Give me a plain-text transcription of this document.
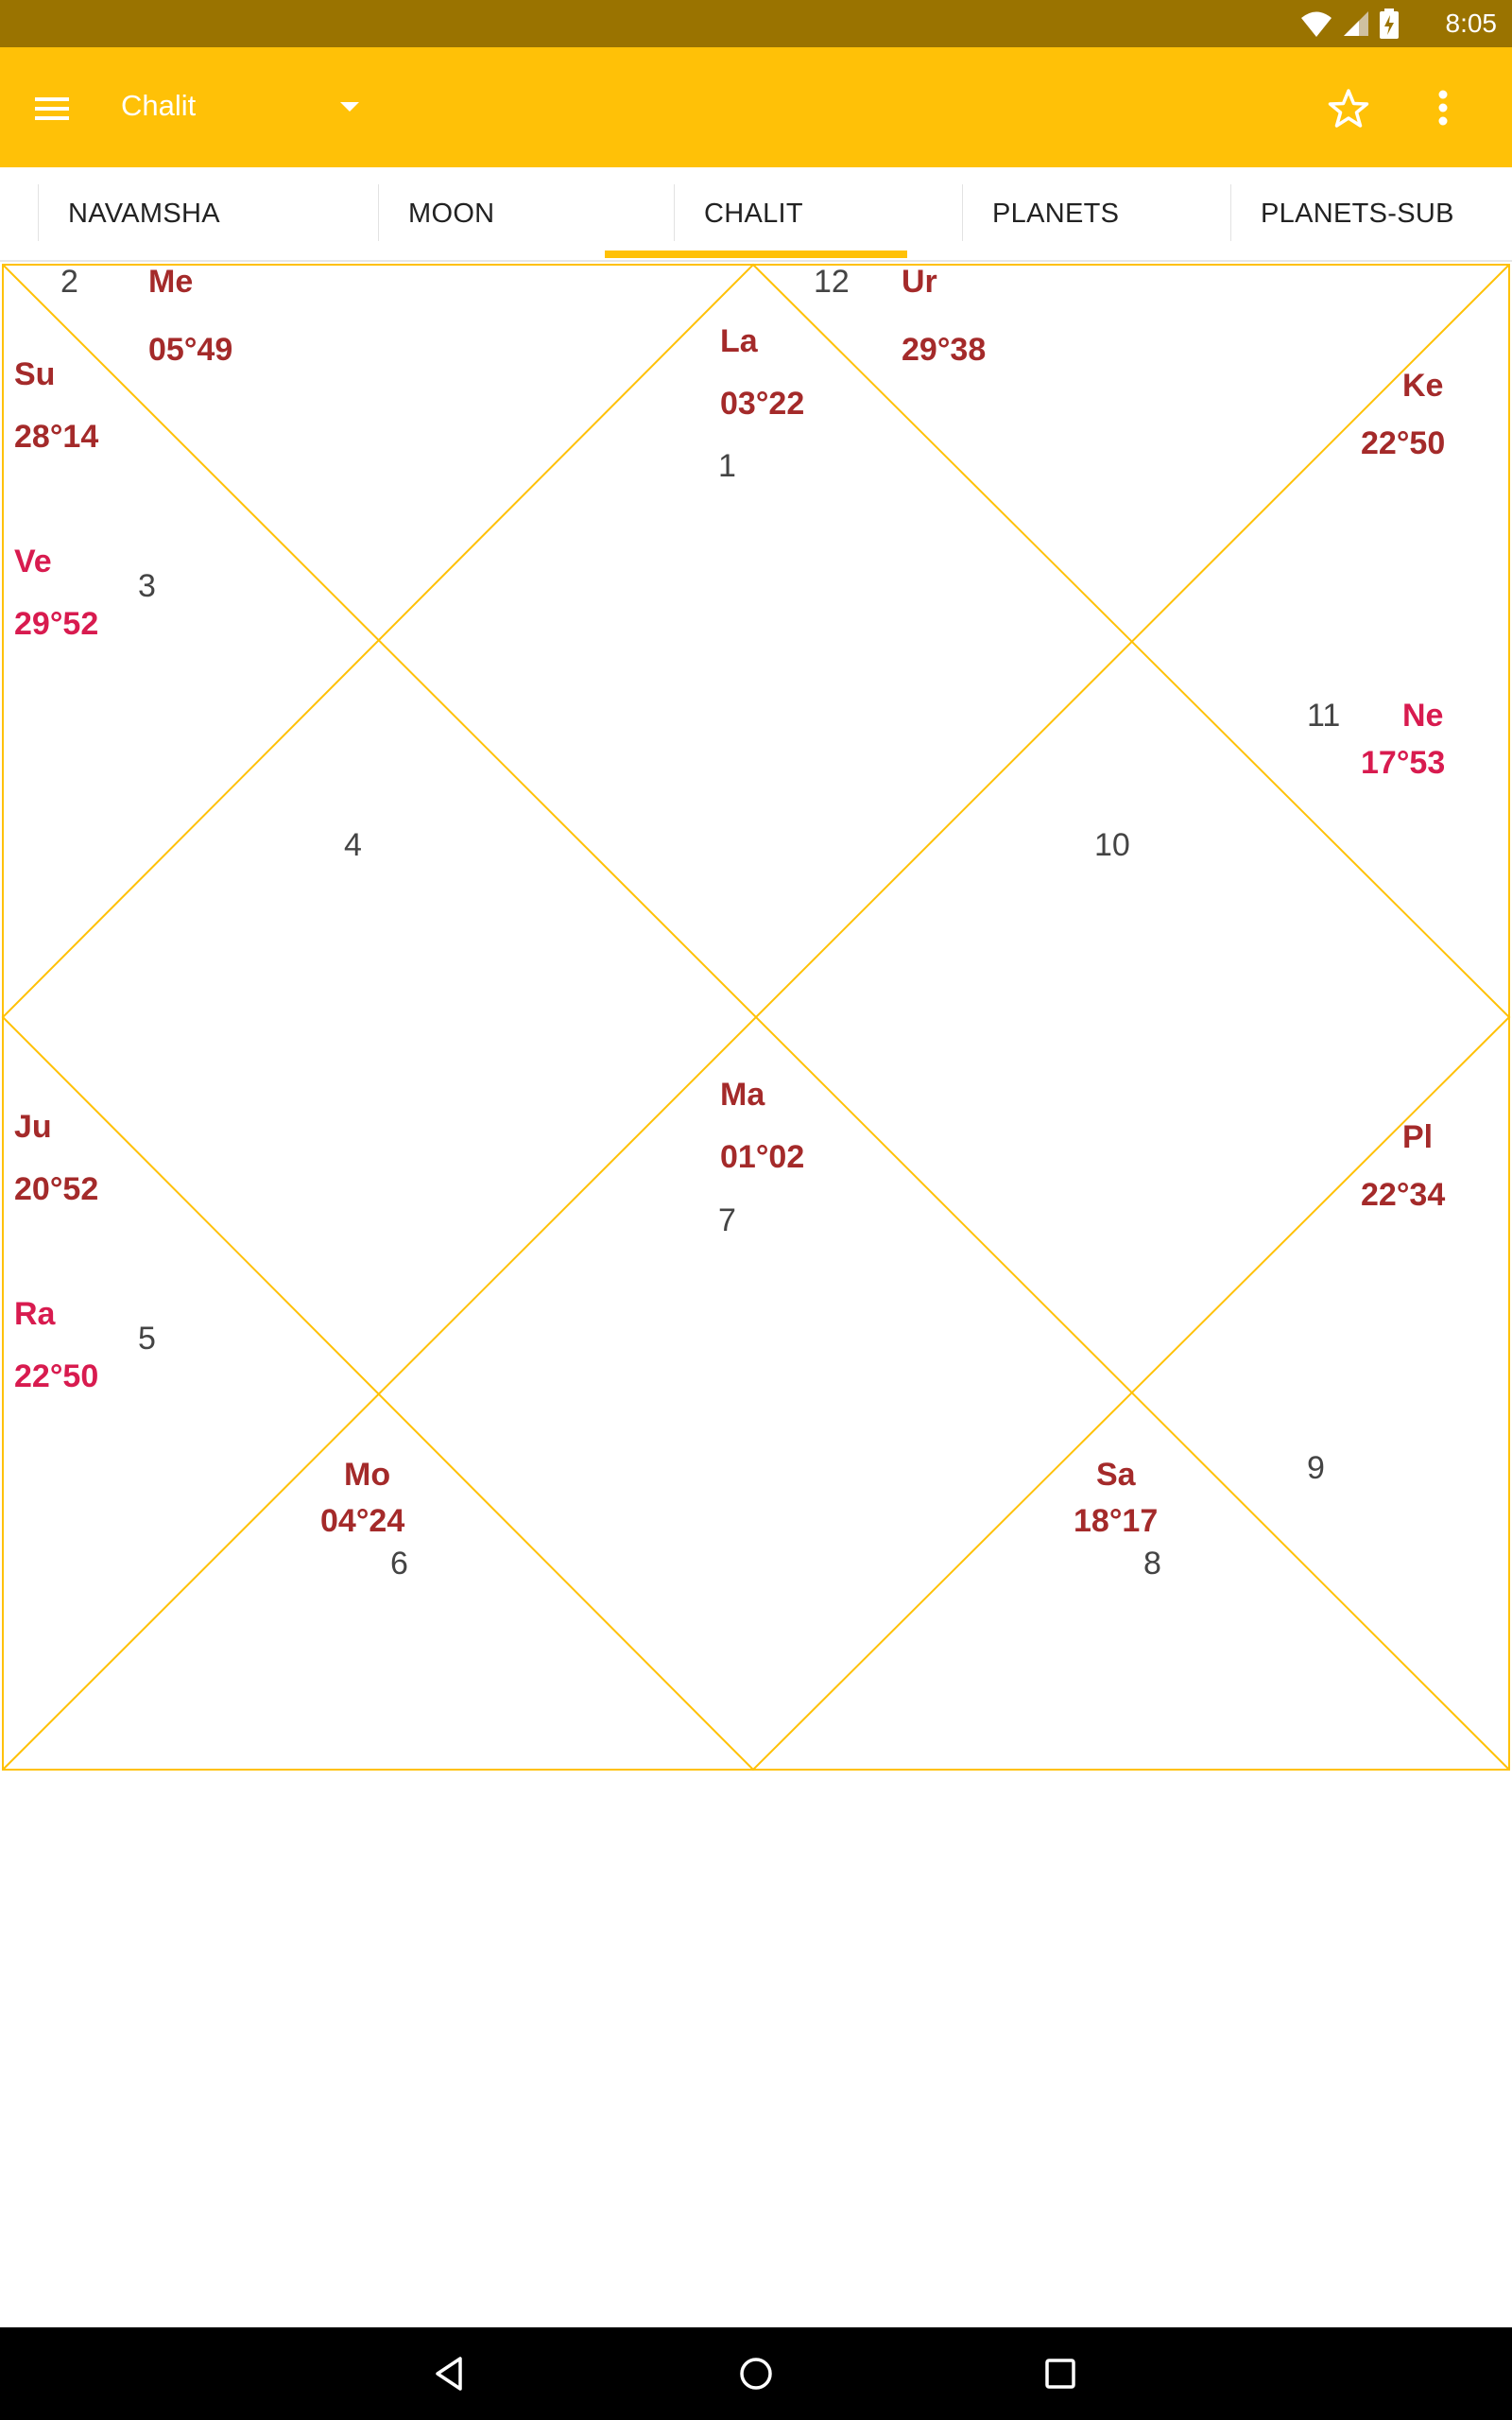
8:05
Chalit
NAVAMSHA	MOON	CHALIT	PLANETS	PLANETS-SUB
1
2
3
4
5
6
7
8
9
10
11
12
La
03°22
Me
05°49
Su
28°14
Ve
29°52
Ur
29°38
Ke
22°50
Ne
17°53
Ju
20°52
Ra
22°50
Ma
01°02
Pl
22°34
Mo
04°24
Sa
18°17
